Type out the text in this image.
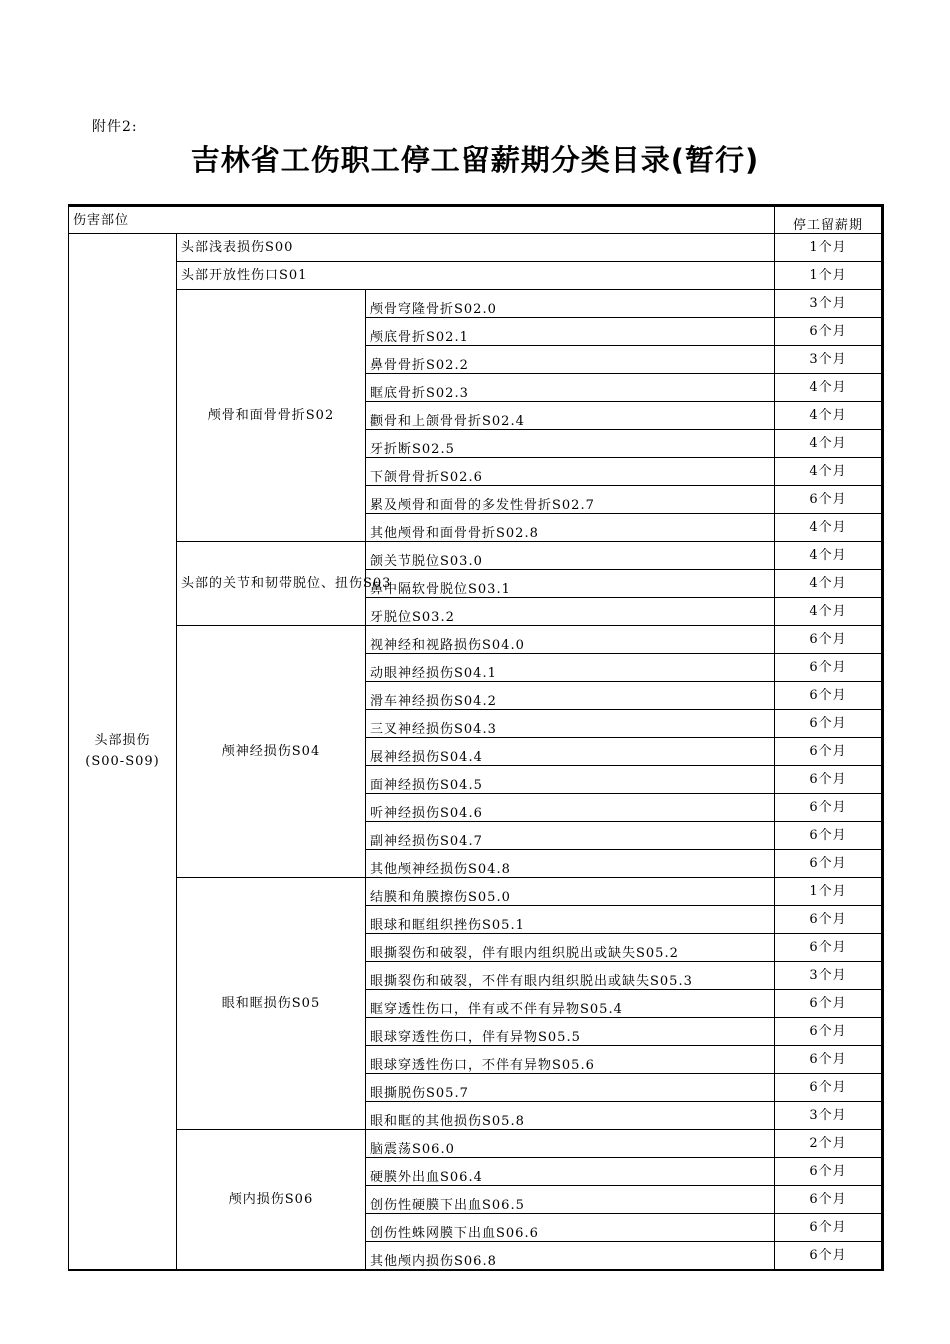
附件2:
吉林省工伤职工停工留薪期分类目录(暂行)
伤害部位			停工留薪期

头部损伤
(S00-S09)	头部浅表损伤S00		1个月
	头部开放性伤口S01		1个月
	颅骨和面骨骨折S02	颅骨穹隆骨折S02.0	3个月
		颅底骨折S02.1	6个月
		鼻骨骨折S02.2	3个月
		眶底骨折S02.3	4个月
		颧骨和上颌骨骨折S02.4	4个月
		牙折断S02.5	4个月
		下颌骨骨折S02.6	4个月
		累及颅骨和面骨的多发性骨折S02.7	6个月
		其他颅骨和面骨骨折S02.8	4个月
	头部的关节和韧带脱位、扭伤S03	颌关节脱位S03.0	4个月
		鼻中隔软骨脱位S03.1	4个月
		牙脱位S03.2	4个月
	颅神经损伤S04	视神经和视路损伤S04.0	6个月
		动眼神经损伤S04.1	6个月
		滑车神经损伤S04.2	6个月
		三叉神经损伤S04.3	6个月
		展神经损伤S04.4	6个月
		面神经损伤S04.5	6个月
		听神经损伤S04.6	6个月
		副神经损伤S04.7	6个月
		其他颅神经损伤S04.8	6个月
	眼和眶损伤S05	结膜和角膜擦伤S05.0	1个月
		眼球和眶组织挫伤S05.1	6个月
		眼撕裂伤和破裂，伴有眼内组织脱出或缺失S05.2	6个月
		眼撕裂伤和破裂，不伴有眼内组织脱出或缺失S05.3	3个月
		眶穿透性伤口，伴有或不伴有异物S05.4	6个月
		眼球穿透性伤口，伴有异物S05.5	6个月
		眼球穿透性伤口，不伴有异物S05.6	6个月
		眼撕脱伤S05.7	6个月
		眼和眶的其他损伤S05.8	3个月
	颅内损伤S06	脑震荡S06.0	2个月
		硬膜外出血S06.4	6个月
		创伤性硬膜下出血S06.5	6个月
		创伤性蛛网膜下出血S06.6	6个月
		其他颅内损伤S06.8	6个月
